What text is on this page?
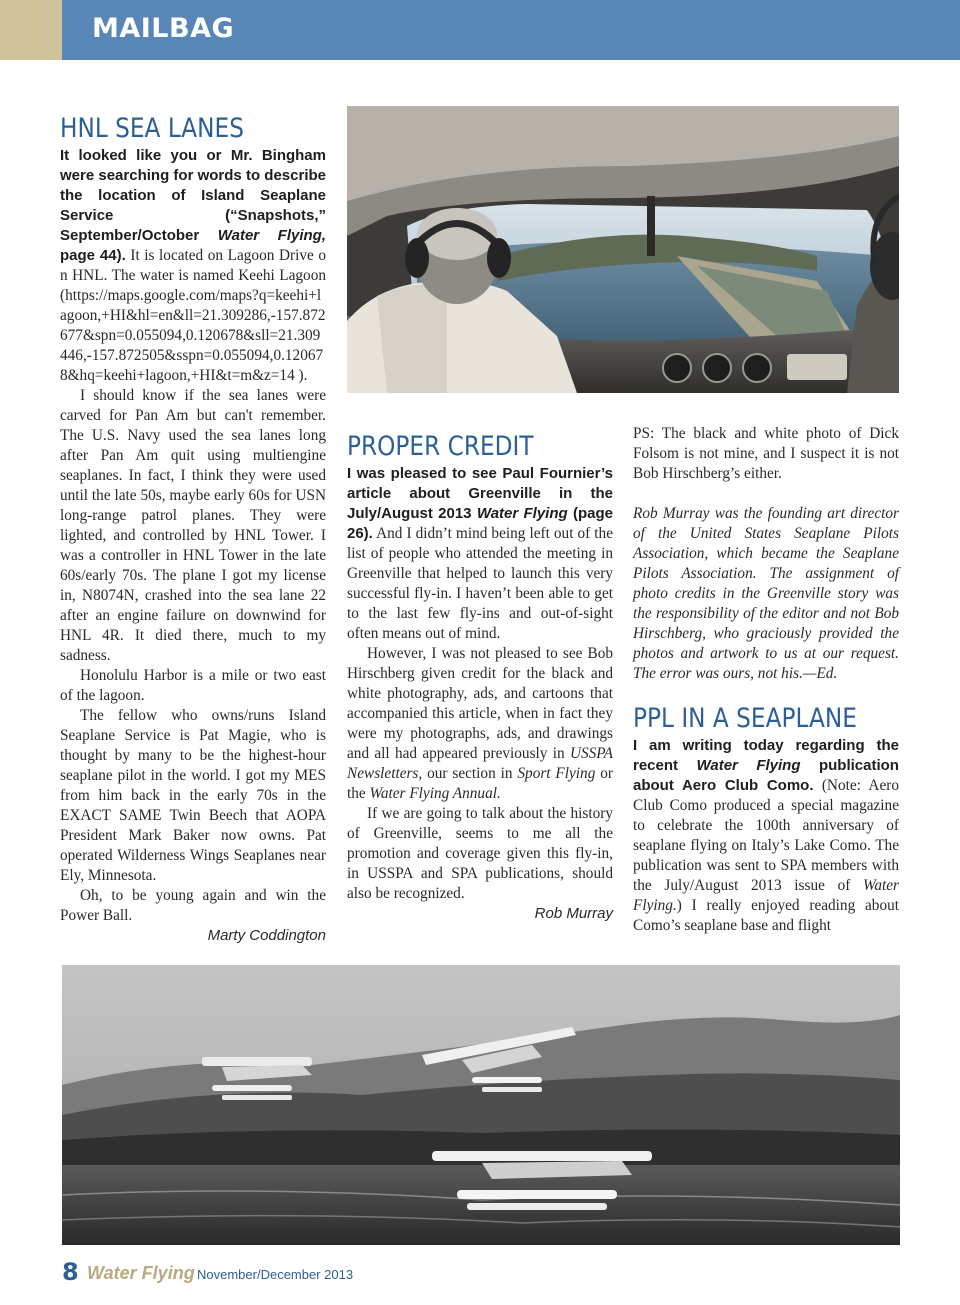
MAILBAG
HNL SEA LANES

It looked like you or Mr. Bingham were searching for words to describe the location of Island Seaplane Service (“Snapshots,” September/October Water Flying, page 44). It is located on Lagoon Drive on HNL. The water is named Keehi Lagoon (https://maps.google.com/maps?q=keehi+lagoon,+HI&hl=en&ll=21.309286,-157.872677&spn=0.055094,0.120678&sll=21.309446,-157.872505&sspn=0.055094,0.120678&hq=keehi+lagoon,+HI&t=m&z=14 ).

I should know if the sea lanes were carved for Pan Am but can't remember. The U.S. Navy used the sea lanes long after Pan Am quit using multiengine seaplanes. In fact, I think they were used until the late 50s, maybe early 60s for USN long-range patrol planes. They were lighted, and controlled by HNL Tower. I was a controller in HNL Tower in the late 60s/early 70s. The plane I got my license in, N8074N, crashed into the sea lane 22 after an engine failure on downwind for HNL 4R. It died there, much to my sadness.

Honolulu Harbor is a mile or two east of the lagoon.

The fellow who owns/runs Island Seaplane Service is Pat Magie, who is thought by many to be the highest-hour seaplane pilot in the world. I got my MES from him back in the early 70s in the EXACT SAME Twin Beech that AOPA President Mark Baker now owns. Pat operated Wilderness Wings Seaplanes near Ely, Minnesota.

Oh, to be young again and win the Power Ball.

Marty Coddington
PROPER CREDIT

I was pleased to see Paul Fournier’s article about Greenville in the July/August 2013 Water Flying (page 26). And I didn’t mind being left out of the list of people who attended the meeting in Greenville that helped to launch this very successful fly-in. I haven’t been able to get to the last few fly-ins and out-of-sight often means out of mind.

However, I was not pleased to see Bob Hirschberg given credit for the black and white photography, ads, and cartoons that accompanied this article, when in fact they were my photographs, ads, and drawings and all had appeared previously in USSPA Newsletters, our section in Sport Flying or the Water Flying Annual.

If we are going to talk about the history of Greenville, seems to me all the promotion and coverage given this fly-in, in USSPA and SPA publications, should also be recognized.

Rob Murray

PS: The black and white photo of Dick Folsom is not mine, and I suspect it is not Bob Hirschberg’s either.

Rob Murray was the founding art director of the United States Seaplane Pilots Association, which became the Seaplane Pilots Association. The assignment of photo credits in the Greenville story was the responsibility of the editor and not Bob Hirschberg, who graciously provided the photos and artwork to us at our request. The error was ours, not his.—Ed.

PPL IN A SEAPLANE

I am writing today regarding the recent Water Flying publication about Aero Club Como. (Note: Aero Club Como produced a special magazine to celebrate the 100th anniversary of seaplane flying on Italy’s Lake Como. The publication was sent to SPA members with the July/August 2013 issue of Water Flying.) I really enjoyed reading about Como’s seaplane base and flight

8 Water Flying November/December 2013
